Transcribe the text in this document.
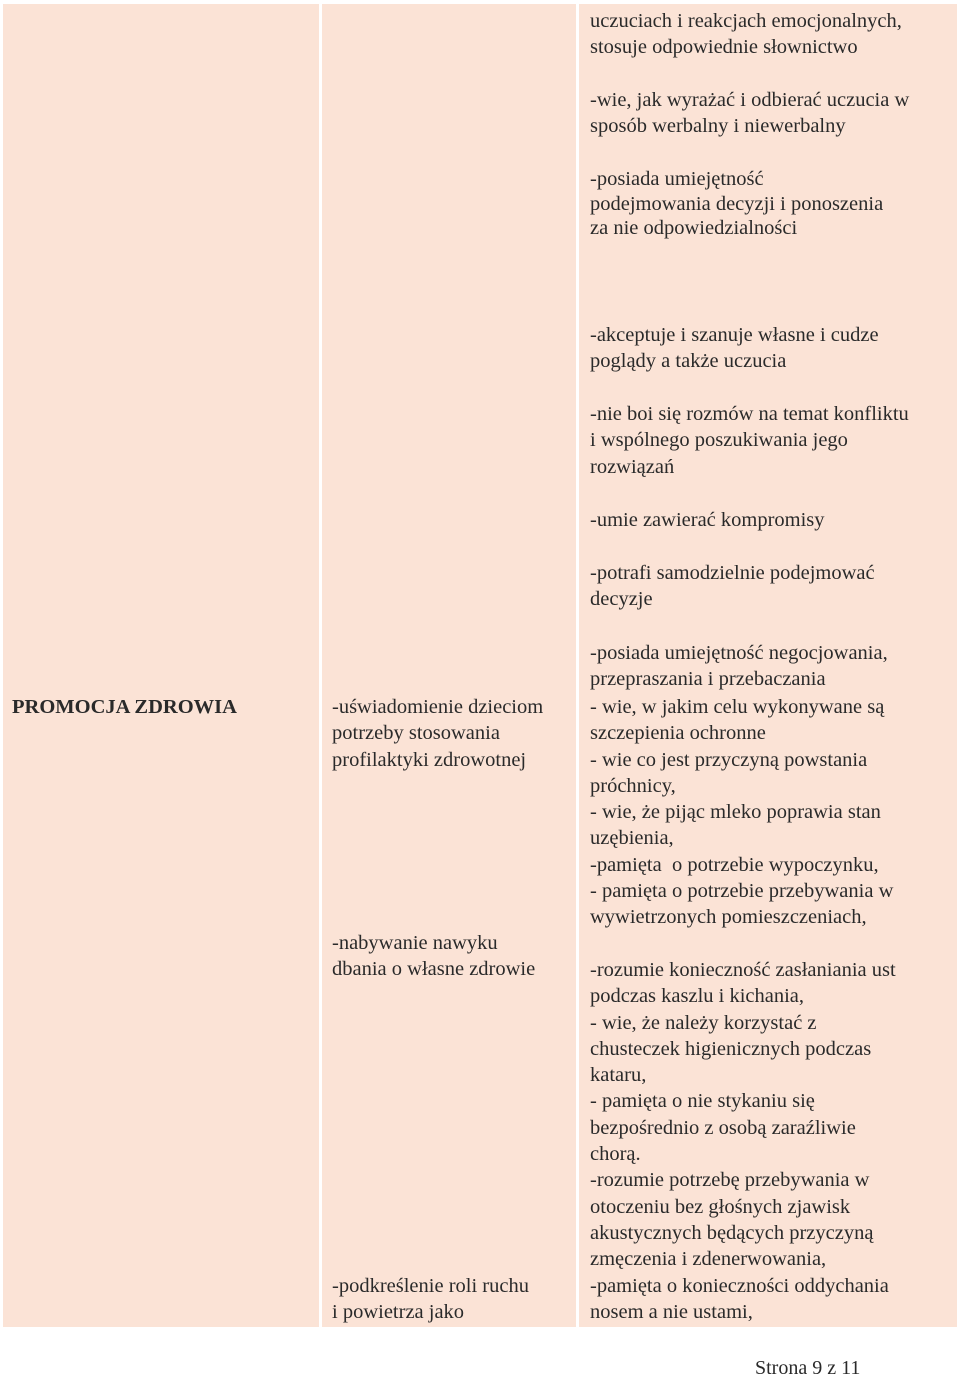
PROMOCJA ZDROWIA	-uświadomienie dzieciom
potrzeby stosowania
profilaktyki zdrowotnej
-nabywanie nawyku
dbania o własne zdrowie
-podkreślenie roli ruchu
i powietrza jako
uczuciach i reakcjach emocjonalnych,
stosuje odpowiednie słownictwo
-wie, jak wyrażać i odbierać uczucia w
sposób werbalny i niewerbalny
-posiada umiejętność
podejmowania decyzji i ponoszenia
za nie odpowiedzialności
-akceptuje i szanuje własne i cudze
poglądy a także uczucia
-nie boi się rozmów na temat konfliktu
i wspólnego poszukiwania jego
rozwiązań
-umie zawierać kompromisy
-potrafi samodzielnie podejmować
decyzje
-posiada umiejętność negocjowania,
przepraszania i przebaczania
- wie, w jakim celu wykonywane są
szczepienia ochronne
- wie co jest przyczyną powstania
próchnicy,
- wie, że pijąc mleko poprawia stan
uzębienia,
-pamięta  o potrzebie wypoczynku,
- pamięta o potrzebie przebywania w
wywietrzonych pomieszczeniach,
-rozumie konieczność zasłaniania ust
podczas kaszlu i kichania,
- wie, że należy korzystać z
chusteczek higienicznych podczas
kataru,
- pamięta o nie stykaniu się
bezpośrednio z osobą zaraźliwie
chorą.
-rozumie potrzebę przebywania w
otoczeniu bez głośnych zjawisk
akustycznych będących przyczyną
zmęczenia i zdenerwowania,
-pamięta o konieczności oddychania
nosem a nie ustami,
Strona 9 z 11
